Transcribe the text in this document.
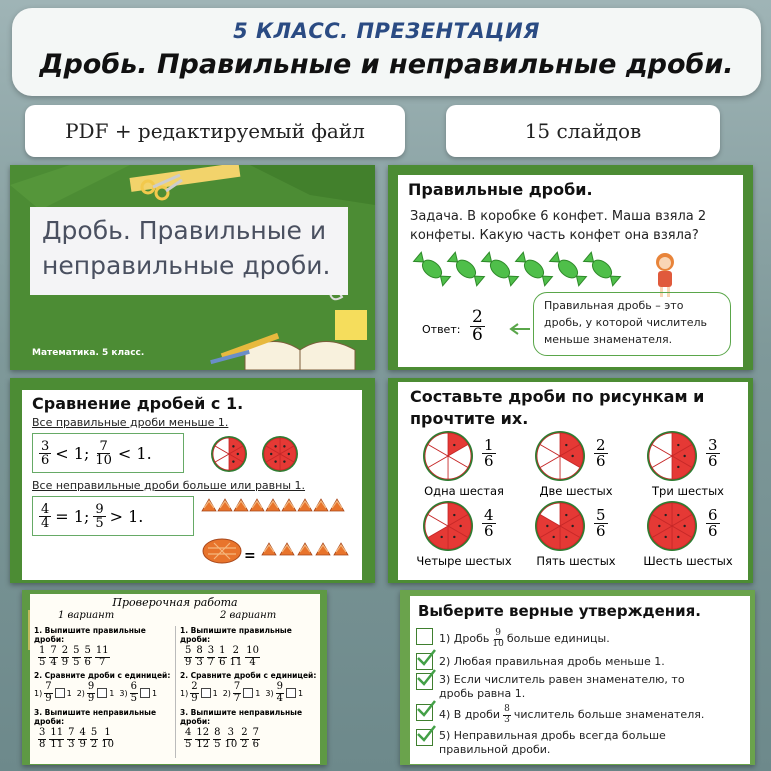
5 КЛАСС. ПРЕЗЕНТАЦИЯ
Дробь. Правильные и неправильные дроби.
PDF + редактируемый файл	15 слайдов
Дробь. Правильные и
неправильные дроби.
Математика. 5 класс.
Правильные дроби.
Задача. В коробке 6 конфет. Маша взяла 2
конфеты. Какую часть конфет она взяла?
Ответ: $\frac{2}{6}$
Правильная дробь – это
дробь, у которой числитель
меньше знаменателя.
Сравнение дробей с 1.
Все правильные дроби меньше 1.
$\frac{3}{6} < 1$; $\frac{7}{10} < 1$.
Все неправильные дроби больше или равны 1.
$\frac{4}{4} = 1$; $\frac{9}{5} > 1$.
=
Составьте дроби по рисункам и
прочтите их.
$\frac{1}{6}$
Одна шестая
$\frac{2}{6}$
Две шестых
$\frac{3}{6}$
Три шестых
$\frac{4}{6}$
Четыре шестых
$\frac{5}{6}$
Пять шестых
$\frac{6}{6}$
Шесть шестых
Проверочная работа
1 вариант	2 вариант
1. Выпишите правильные дроби:
$\frac{1}{5} \frac{7}{4} \frac{2}{9} \frac{5}{5} \frac{5}{6} \frac{11}{7}$
2. Сравните дроби с единицей:
$1) \frac{7}{9} 1$ $2) \frac{9}{9} 1$ $3) \frac{6}{5} 1$
3. Выпишите неправильные дроби:
$\frac{3}{8} \frac{11}{11} \frac{7}{3} \frac{4}{9} \frac{5}{2} \frac{1}{10}$
1. Выпишите правильные дроби:
$\frac{5}{9} \frac{8}{3} \frac{3}{7} \frac{1}{6} \frac{2}{11} \frac{10}{4}$
2. Сравните дроби с единицей:
$1) \frac{2}{9} 1$ $2) \frac{7}{7} 1$ $3) \frac{9}{4} 1$
3. Выпишите неправильные дроби:
$\frac{4}{5} \frac{12}{12} \frac{8}{5} \frac{3}{10} \frac{2}{2} \frac{7}{6}$
Выберите верные утверждения.
1) Дробь $\frac{9}{10}$ больше единицы.
2) Любая правильная дробь меньше 1.
3) Если числитель равен знаменателю, то
дробь равна 1.
4) В дроби $\frac{8}{3}$ числитель больше знаменателя.
5) Неправильная дробь всегда больше
правильной дроби.
